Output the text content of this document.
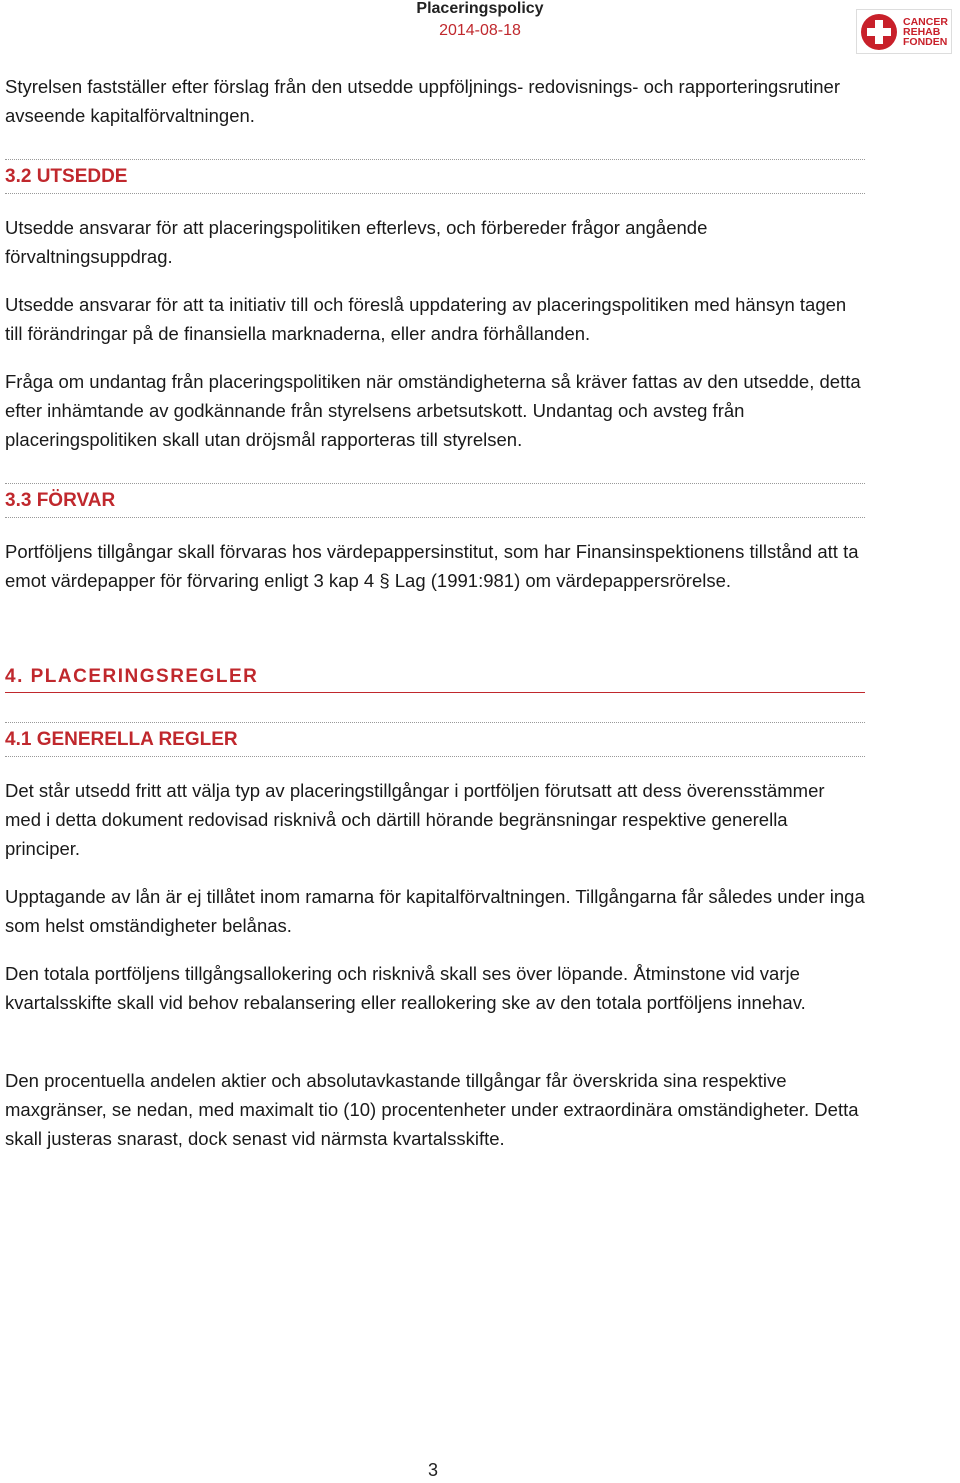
Placeringspolicy
2014-08-18
CANCER
REHAB
FONDEN

Styrelsen fastställer efter förslag från den utsedde uppföljnings- redovisnings- och rapporteringsrutiner avseende kapitalförvaltningen.

3.2 UTSEDDE

Utsedde ansvarar för att placeringspolitiken efterlevs, och förbereder frågor angående förvaltningsuppdrag.

Utsedde ansvarar för att ta initiativ till och föreslå uppdatering av placeringspolitiken med hänsyn tagen till förändringar på de finansiella marknaderna, eller andra förhållanden.

Fråga om undantag från placeringspolitiken när omständigheterna så kräver fattas av den utsedde, detta efter inhämtande av godkännande från styrelsens arbetsutskott. Undantag och avsteg från placeringspolitiken skall utan dröjsmål rapporteras till styrelsen.

3.3 FÖRVAR

Portföljens tillgångar skall förvaras hos värdepappersinstitut, som har Finansinspektionens tillstånd att ta emot värdepapper för förvaring enligt 3 kap 4 § Lag (1991:981) om värdepappersrörelse.

4. PLACERINGSREGLER
4.1 GENERELLA REGLER

Det står utsedd fritt att välja typ av placeringstillgångar i portföljen förutsatt att dess överensstämmer med i detta dokument redovisad risknivå och därtill hörande begränsningar respektive generella principer.

Upptagande av lån är ej tillåtet inom ramarna för kapitalförvaltningen. Tillgångarna får således under inga som helst omständigheter belånas.

Den totala portföljens tillgångsallokering och risknivå skall ses över löpande. Åtminstone vid varje kvartalsskifte skall vid behov rebalansering eller reallokering ske av den totala portföljens innehav.

Den procentuella andelen aktier och absolutavkastande tillgångar får överskrida sina respektive maxgränser, se nedan, med maximalt tio (10) procentenheter under extraordinära omständigheter. Detta skall justeras snarast, dock senast vid närmsta kvartalsskifte.

3
